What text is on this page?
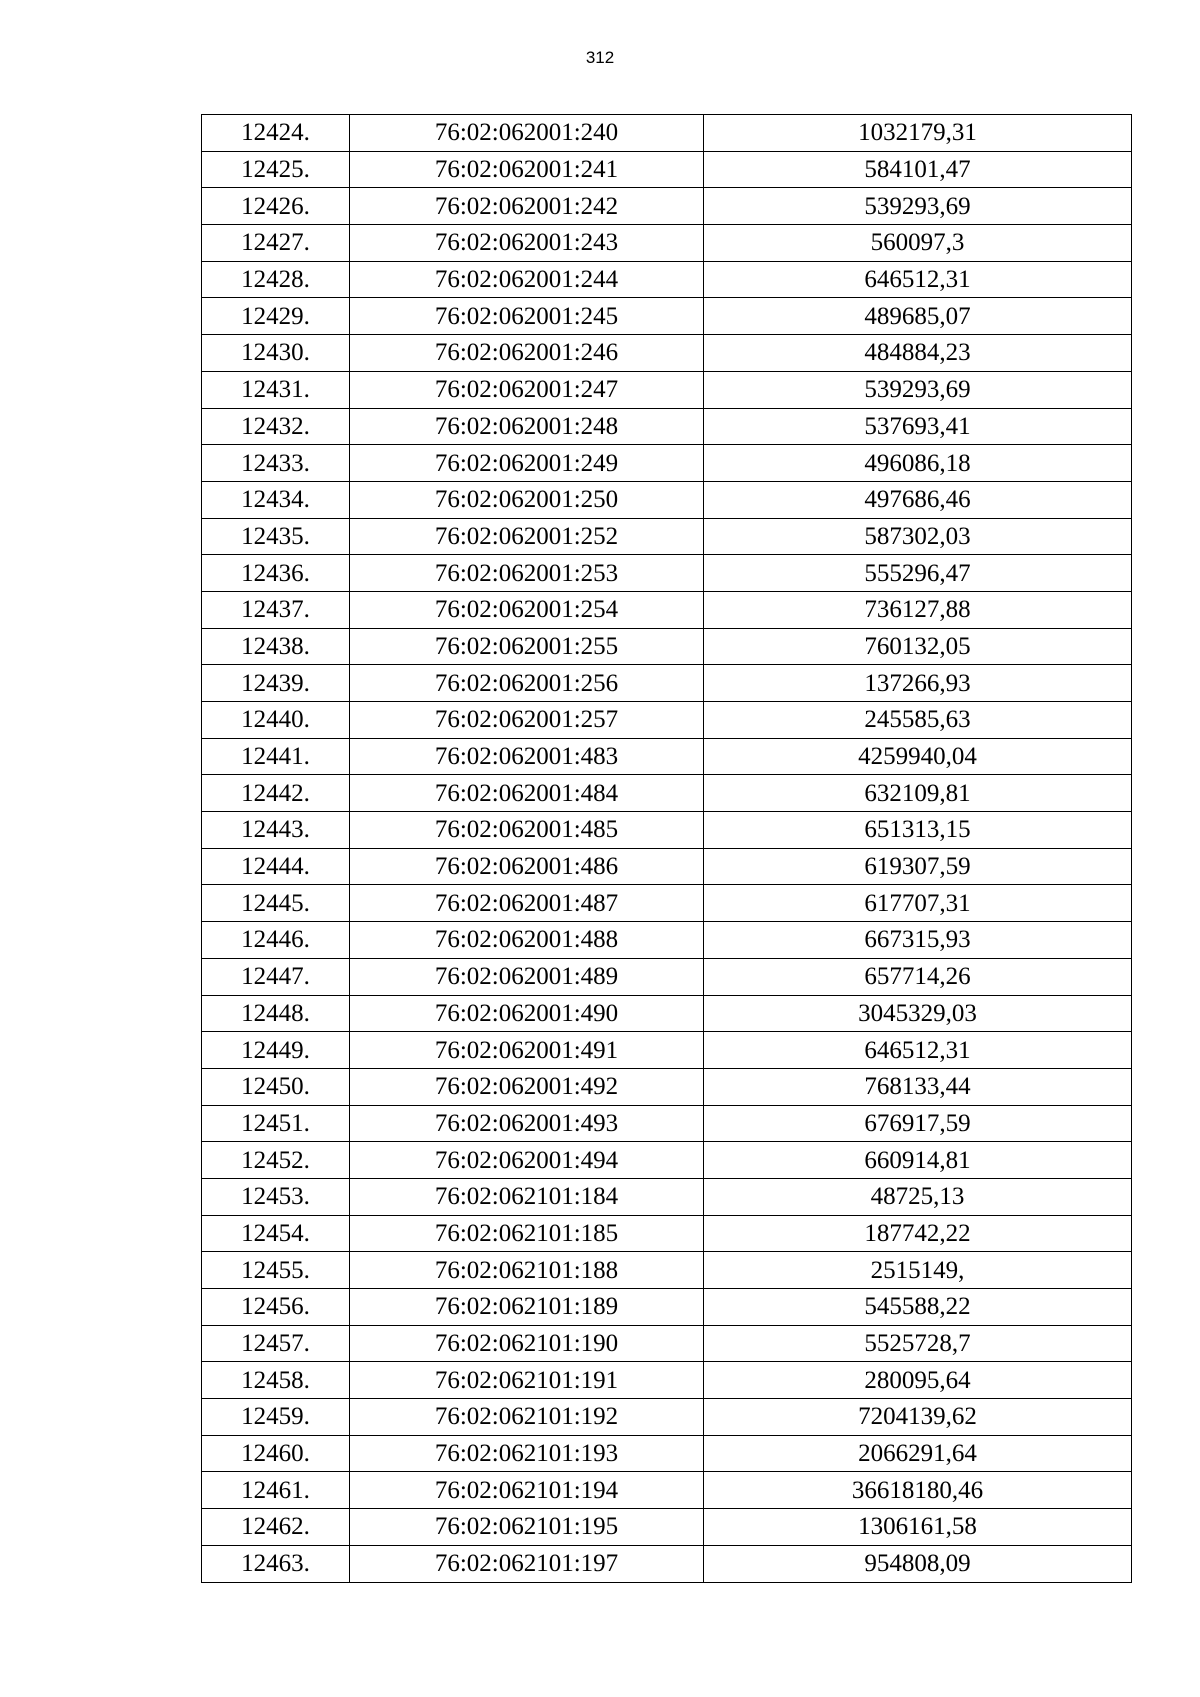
312
12424.	76:02:062001:240	1032179,31
12425.	76:02:062001:241	584101,47
12426.	76:02:062001:242	539293,69
12427.	76:02:062001:243	560097,3
12428.	76:02:062001:244	646512,31
12429.	76:02:062001:245	489685,07
12430.	76:02:062001:246	484884,23
12431.	76:02:062001:247	539293,69
12432.	76:02:062001:248	537693,41
12433.	76:02:062001:249	496086,18
12434.	76:02:062001:250	497686,46
12435.	76:02:062001:252	587302,03
12436.	76:02:062001:253	555296,47
12437.	76:02:062001:254	736127,88
12438.	76:02:062001:255	760132,05
12439.	76:02:062001:256	137266,93
12440.	76:02:062001:257	245585,63
12441.	76:02:062001:483	4259940,04
12442.	76:02:062001:484	632109,81
12443.	76:02:062001:485	651313,15
12444.	76:02:062001:486	619307,59
12445.	76:02:062001:487	617707,31
12446.	76:02:062001:488	667315,93
12447.	76:02:062001:489	657714,26
12448.	76:02:062001:490	3045329,03
12449.	76:02:062001:491	646512,31
12450.	76:02:062001:492	768133,44
12451.	76:02:062001:493	676917,59
12452.	76:02:062001:494	660914,81
12453.	76:02:062101:184	48725,13
12454.	76:02:062101:185	187742,22
12455.	76:02:062101:188	2515149,
12456.	76:02:062101:189	545588,22
12457.	76:02:062101:190	5525728,7
12458.	76:02:062101:191	280095,64
12459.	76:02:062101:192	7204139,62
12460.	76:02:062101:193	2066291,64
12461.	76:02:062101:194	36618180,46
12462.	76:02:062101:195	1306161,58
12463.	76:02:062101:197	954808,09
